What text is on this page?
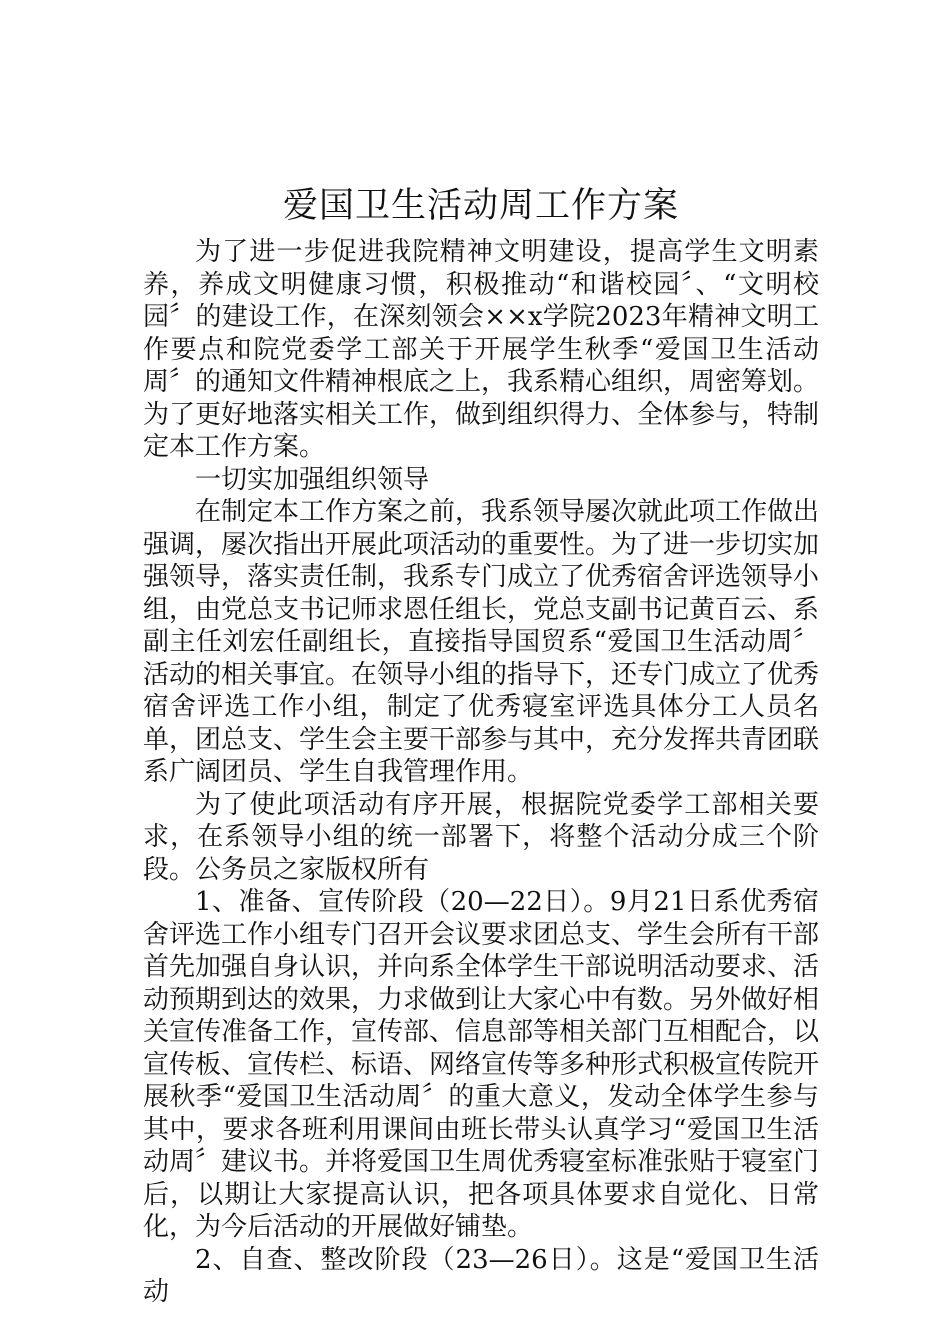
爱国卫生活动周工作方案

为了进一步促进我院精神文明建设，提高学生文明素养，养成文明健康习惯，积极推动“和谐校园〞、“文明校园〞的建设工作，在深刻领会××x学院2023年精神文明工作要点和院党委学工部关于开展学生秋季“爱国卫生活动周〞的通知文件精神根底之上，我系精心组织，周密筹划。为了更好地落实相关工作，做到组织得力、全体参与，特制定本工作方案。

一切实加强组织领导

在制定本工作方案之前，我系领导屡次就此项工作做出强调，屡次指出开展此项活动的重要性。为了进一步切实加强领导，落实责任制，我系专门成立了优秀宿舍评选领导小组，由党总支书记师求恩任组长，党总支副书记黄百云、系副主任刘宏任副组长，直接指导国贸系“爱国卫生活动周〞活动的相关事宜。在领导小组的指导下，还专门成立了优秀宿舍评选工作小组，制定了优秀寝室评选具体分工人员名单，团总支、学生会主要干部参与其中，充分发挥共青团联系广阔团员、学生自我管理作用。

为了使此项活动有序开展，根据院党委学工部相关要求，在系领导小组的统一部署下，将整个活动分成三个阶段。公务员之家版权所有

1、准备、宣传阶段（20—22日）。9月21日系优秀宿舍评选工作小组专门召开会议要求团总支、学生会所有干部首先加强自身认识，并向系全体学生干部说明活动要求、活动预期到达的效果，力求做到让大家心中有数。另外做好相关宣传准备工作，宣传部、信息部等相关部门互相配合，以宣传板、宣传栏、标语、网络宣传等多种形式积极宣传院开展秋季“爱国卫生活动周〞的重大意义，发动全体学生参与其中，要求各班利用课间由班长带头认真学习“爱国卫生活动周〞建议书。并将爱国卫生周优秀寝室标准张贴于寝室门后，以期让大家提高认识，把各项具体要求自觉化、日常化，为今后活动的开展做好铺垫。

2、自查、整改阶段（23—26日）。这是“爱国卫生活动
